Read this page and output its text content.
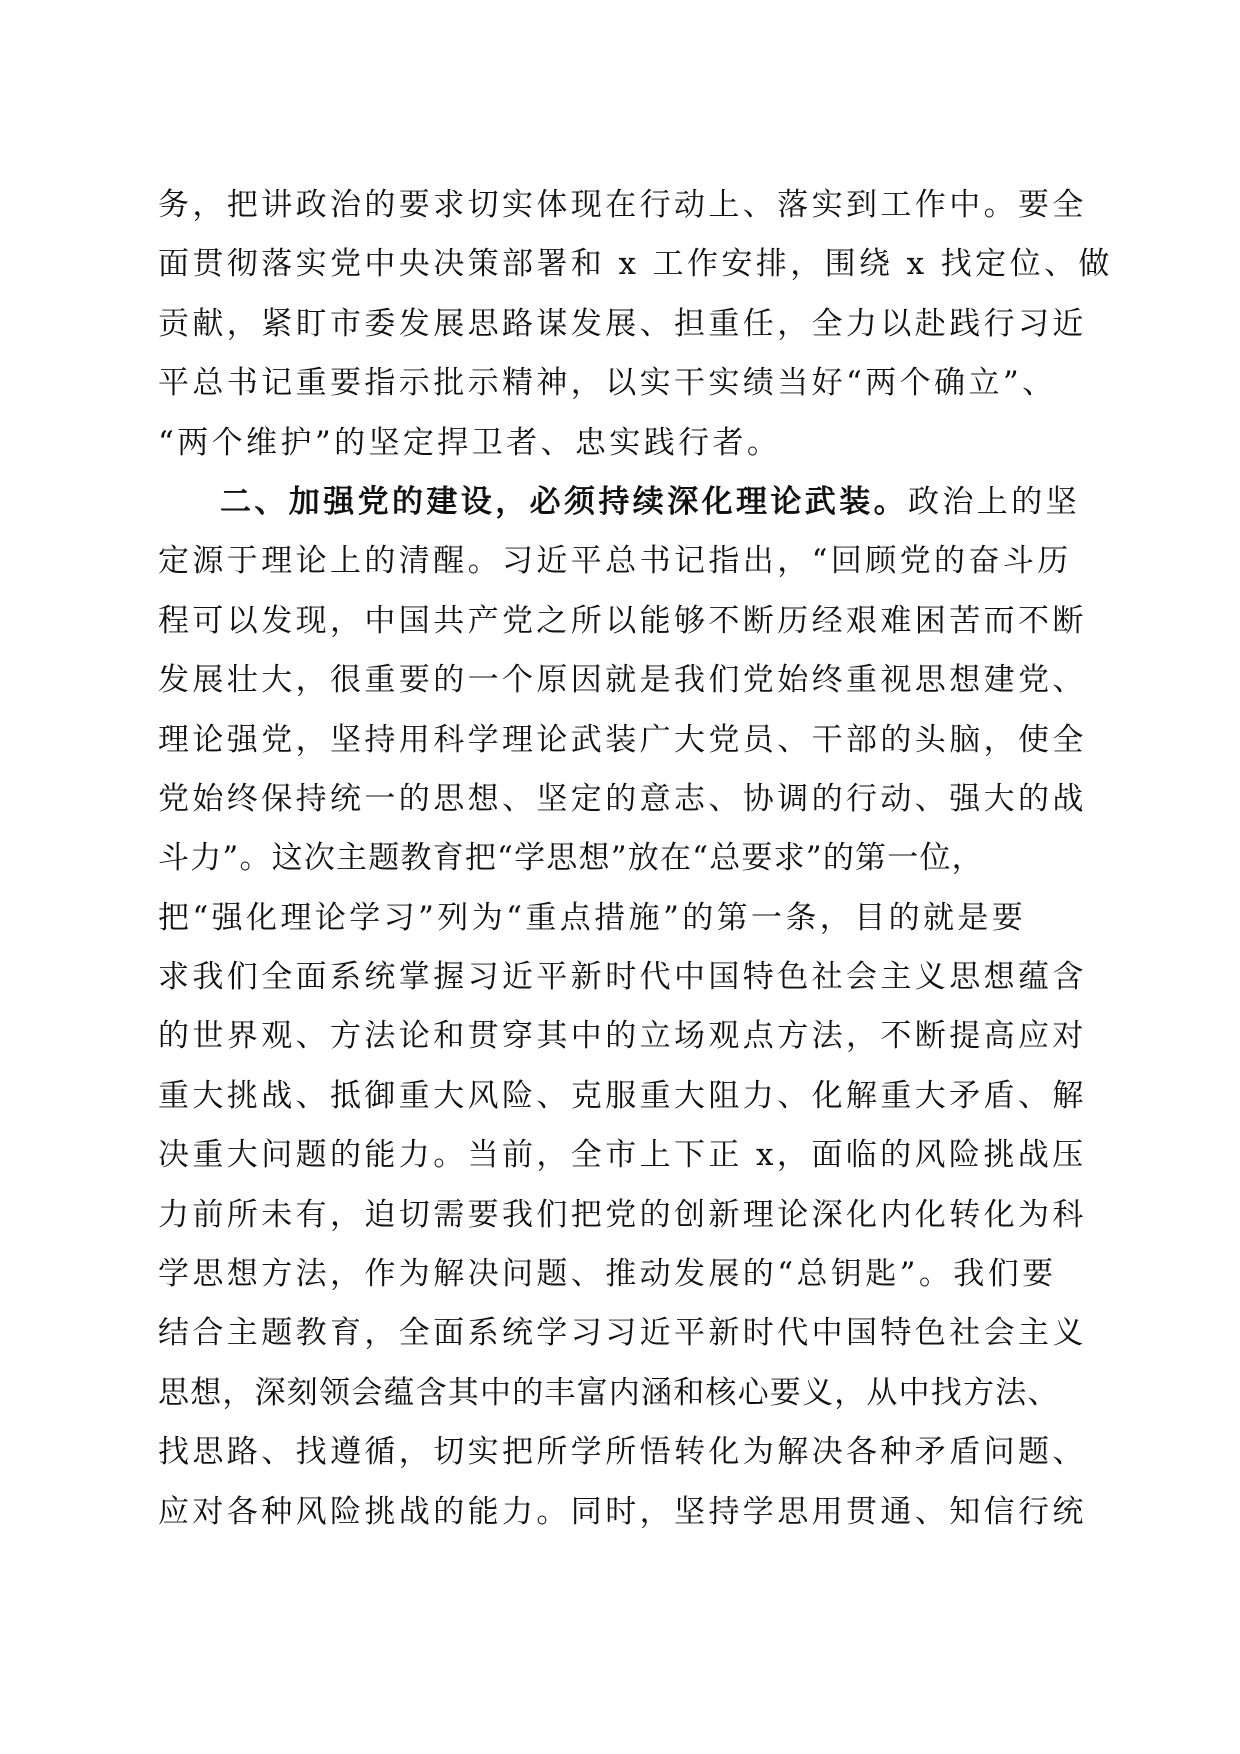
务，把讲政治的要求切实体现在行动上、落实到工作中。要全
面贯彻落实党中央决策部署和 x 工作安排，围绕 x 找定位、做
贡献，紧盯市委发展思路谋发展、担重任，全力以赴践行习近
平总书记重要指示批示精神，以实干实绩当好“两个确立”、
“两个维护”的坚定捍卫者、忠实践行者。
二、加强党的建设，必须持续深化理论武装。政治上的坚
定源于理论上的清醒。习近平总书记指出，“回顾党的奋斗历
程可以发现，中国共产党之所以能够不断历经艰难困苦而不断
发展壮大，很重要的一个原因就是我们党始终重视思想建党、
理论强党，坚持用科学理论武装广大党员、干部的头脑，使全
党始终保持统一的思想、坚定的意志、协调的行动、强大的战
斗力”。这次主题教育把“学思想”放在“总要求”的第一位，
把“强化理论学习”列为“重点措施”的第一条，目的就是要
求我们全面系统掌握习近平新时代中国特色社会主义思想蕴含
的世界观、方法论和贯穿其中的立场观点方法，不断提高应对
重大挑战、抵御重大风险、克服重大阻力、化解重大矛盾、解
决重大问题的能力。当前，全市上下正 x，面临的风险挑战压
力前所未有，迫切需要我们把党的创新理论深化内化转化为科
学思想方法，作为解决问题、推动发展的“总钥匙”。我们要
结合主题教育，全面系统学习习近平新时代中国特色社会主义
思想，深刻领会蕴含其中的丰富内涵和核心要义，从中找方法、
找思路、找遵循，切实把所学所悟转化为解决各种矛盾问题、
应对各种风险挑战的能力。同时，坚持学思用贯通、知信行统
